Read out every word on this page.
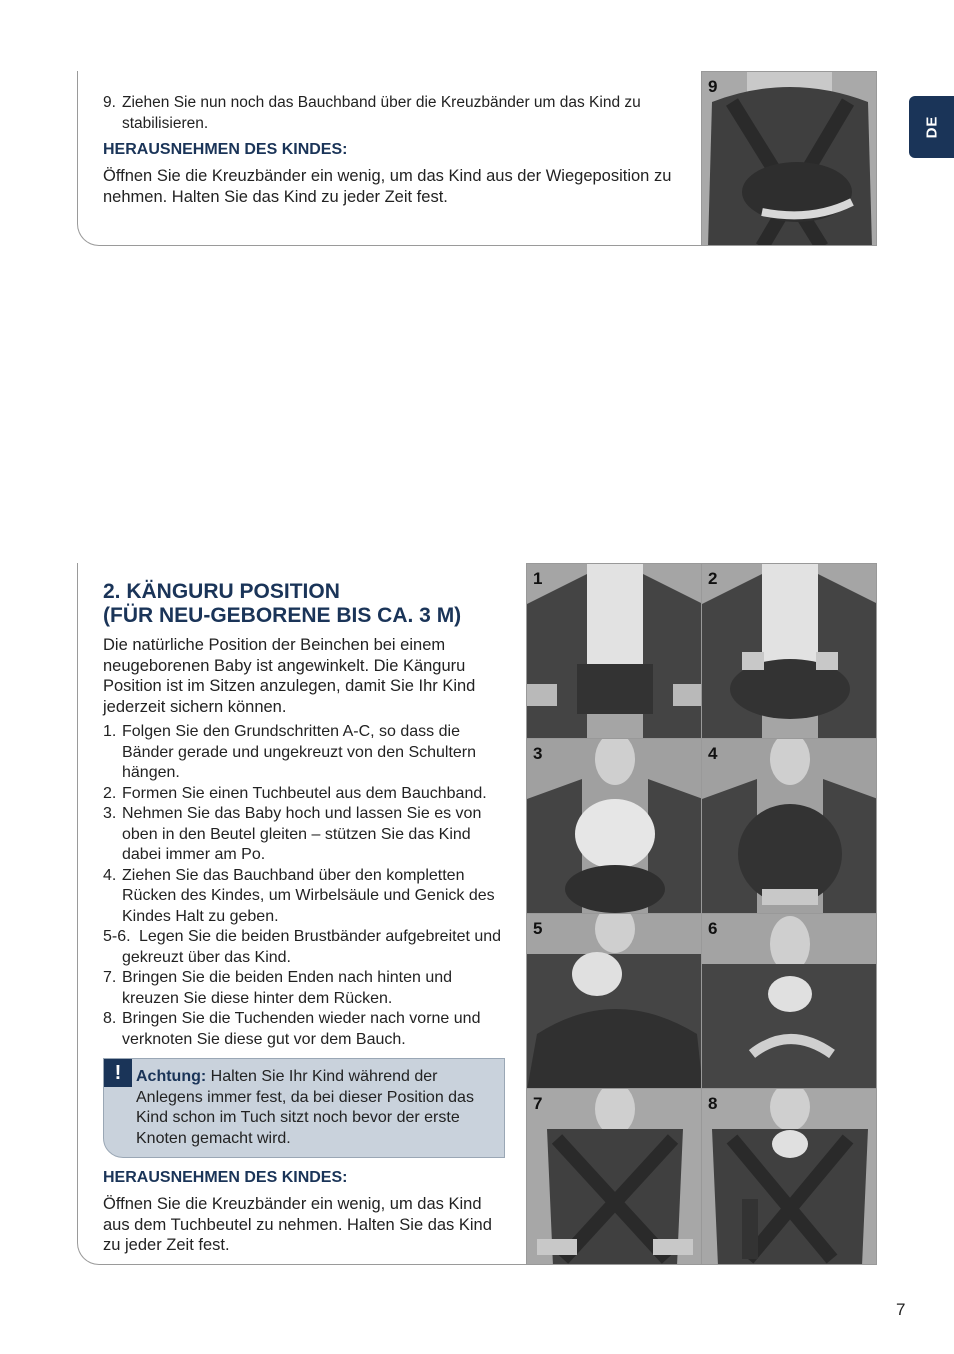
DE
9. Ziehen Sie nun noch das Bauchband über die Kreuzbänder um das Kind zu stabilisieren.
HERAUSNEHMEN DES KINDES:
Öffnen Sie die Kreuzbänder ein wenig, um das Kind aus der Wiegeposition zu nehmen. Halten Sie das Kind zu jeder Zeit fest.
9
2. KÄNGURU POSITION
(FÜR NEU-GEBORENE BIS CA. 3 M)
Die natürliche Position der Beinchen bei einem neugeborenen Baby ist angewinkelt. Die Känguru Position ist im Sitzen anzulegen, damit Sie Ihr Kind jederzeit sichern können.
1. Folgen Sie den Grundschritten A-C, so dass die Bänder gerade und ungekreuzt von den Schultern hängen.
2. Formen Sie einen Tuchbeutel aus dem Bauchband.
3. Nehmen Sie das Baby hoch und lassen Sie es von oben in den Beutel gleiten – stützen Sie das Kind dabei immer am Po.
4. Ziehen Sie das Bauchband über den kompletten Rücken des Kindes, um Wirbelsäule und Genick des Kindes Halt zu geben.
5-6. Legen Sie die beiden Brustbänder aufgebreitet und gekreuzt über das Kind.
7. Bringen Sie die beiden Enden nach hinten und kreuzen Sie diese hinter dem Rücken.
8. Bringen Sie die Tuchenden wieder nach vorne und verknoten Sie diese gut vor dem Bauch.
! Achtung: Halten Sie Ihr Kind während der Anlegens immer fest, da bei dieser Position das Kind schon im Tuch sitzt noch bevor der erste Knoten gemacht wird.
HERAUSNEHMEN DES KINDES:
Öffnen Sie die Kreuzbänder ein wenig, um das Kind aus dem Tuchbeutel zu nehmen. Halten Sie das Kind zu jeder Zeit fest.
1	2
3	4
5	6
7	8
7
